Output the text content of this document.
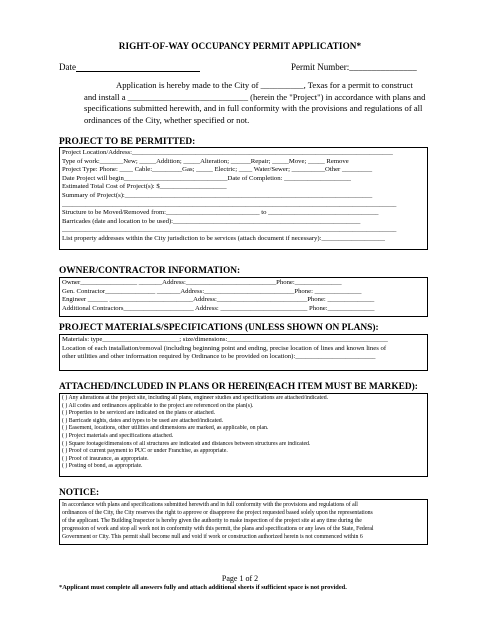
RIGHT-OF-WAY OCCUPANCY PERMIT APPLICATION*
Date	Permit Number:_______________
Application is hereby made to the City of __________, Texas for a permit to construct and install a ____________________________ (herein the "Project") in accordance with plans and specifications submitted herewith, and in full conformity with the provisions and regulations of all ordinances of the City, whether specified or not.
PROJECT TO BE PERMITTED:
Project Location/Address:______________________________________________________________________________
Type of work:_______New; _____Addition; _____Alteration; ______Repair; _____Move; _____ Remove
Project Type: Phone: ____ Cable:_________Gas; _____ Electric; ____ Water/Sewer; __________Other _________
Date Project will begin_______________________________Date of Completion: ____________________
Estimated Total Cost of Project(s): $____________________
Summary of Project(s):__________________________________________________________________________
____________________________________________________________________________________________________
Structure to be Moved/Removed from:____________________________ to _________________________________
Barricades (date and location to be used):________________________________________________________
____________________________________________________________________________________________________
List property addresses within the City jurisdiction to be services (attach document if necessary):___________________
OWNER/CONTRACTOR INFORMATION:
Owner_________________ _______Address:___________________________Phone:______________
Gen. Contractor_______________ _______Address:___________________________Phone: ______________
Engineer ______ _________________________Address:___________________________Phone: ______________
Additional Contractors_____________________ Address: __________________________ Phone:______________
PROJECT MATERIALS/SPECIFICATIONS (UNLESS SHOWN ON PLANS):
Materials: type_______________________; size/dimensions:________________________________________________
Location of each installation/removal (including beginning point and ending, precise location of lines and known lines of
other utilities and other information required by Ordinance to be provided on location):________________________
ATTACHED/INCLUDED IN PLANS OR HEREIN(EACH ITEM MUST BE MARKED):
( ) Any alterations at the project site, including all plans, engineer studies and specifications are attached/indicated.
( ) All codes and ordinances applicable to the project are referenced on the plan(s).
( ) Properties to be serviced are indicated on the plans or attached.
( ) Barricade sights, dates and types to be used are attached/indicated.
( ) Easement, locations, other utilities and dimensions are marked, as applicable, on plan.
( ) Project materials and specifications attached.
( ) Square footage/dimensions of all structures are indicated and distances between structures are indicated.
( ) Proof of current payment to PUC or under Franchise, as appropriate.
( ) Proof of insurance, as appropriate.
( ) Posting of bond, as appropriate.
NOTICE:
In accordance with plans and specifications submitted herewith and in full conformity with the provisions and regulations of all
ordinances of the City, the City reserves the right to approve or disapprove the project requested based solely upon the representations
of the applicant. The Building Inspector is hereby given the authority to make inspection of the project site at any time during the
progression of work and stop all work not in conformity with this permit, the plans and specifications or any laws of the State, Federal
Government or City. This permit shall become null and void if work or construction authorized herein is not commenced within 6
Page 1 of 2
*Applicant must complete all answers fully and attach additional sheets if sufficient space is not provided.
